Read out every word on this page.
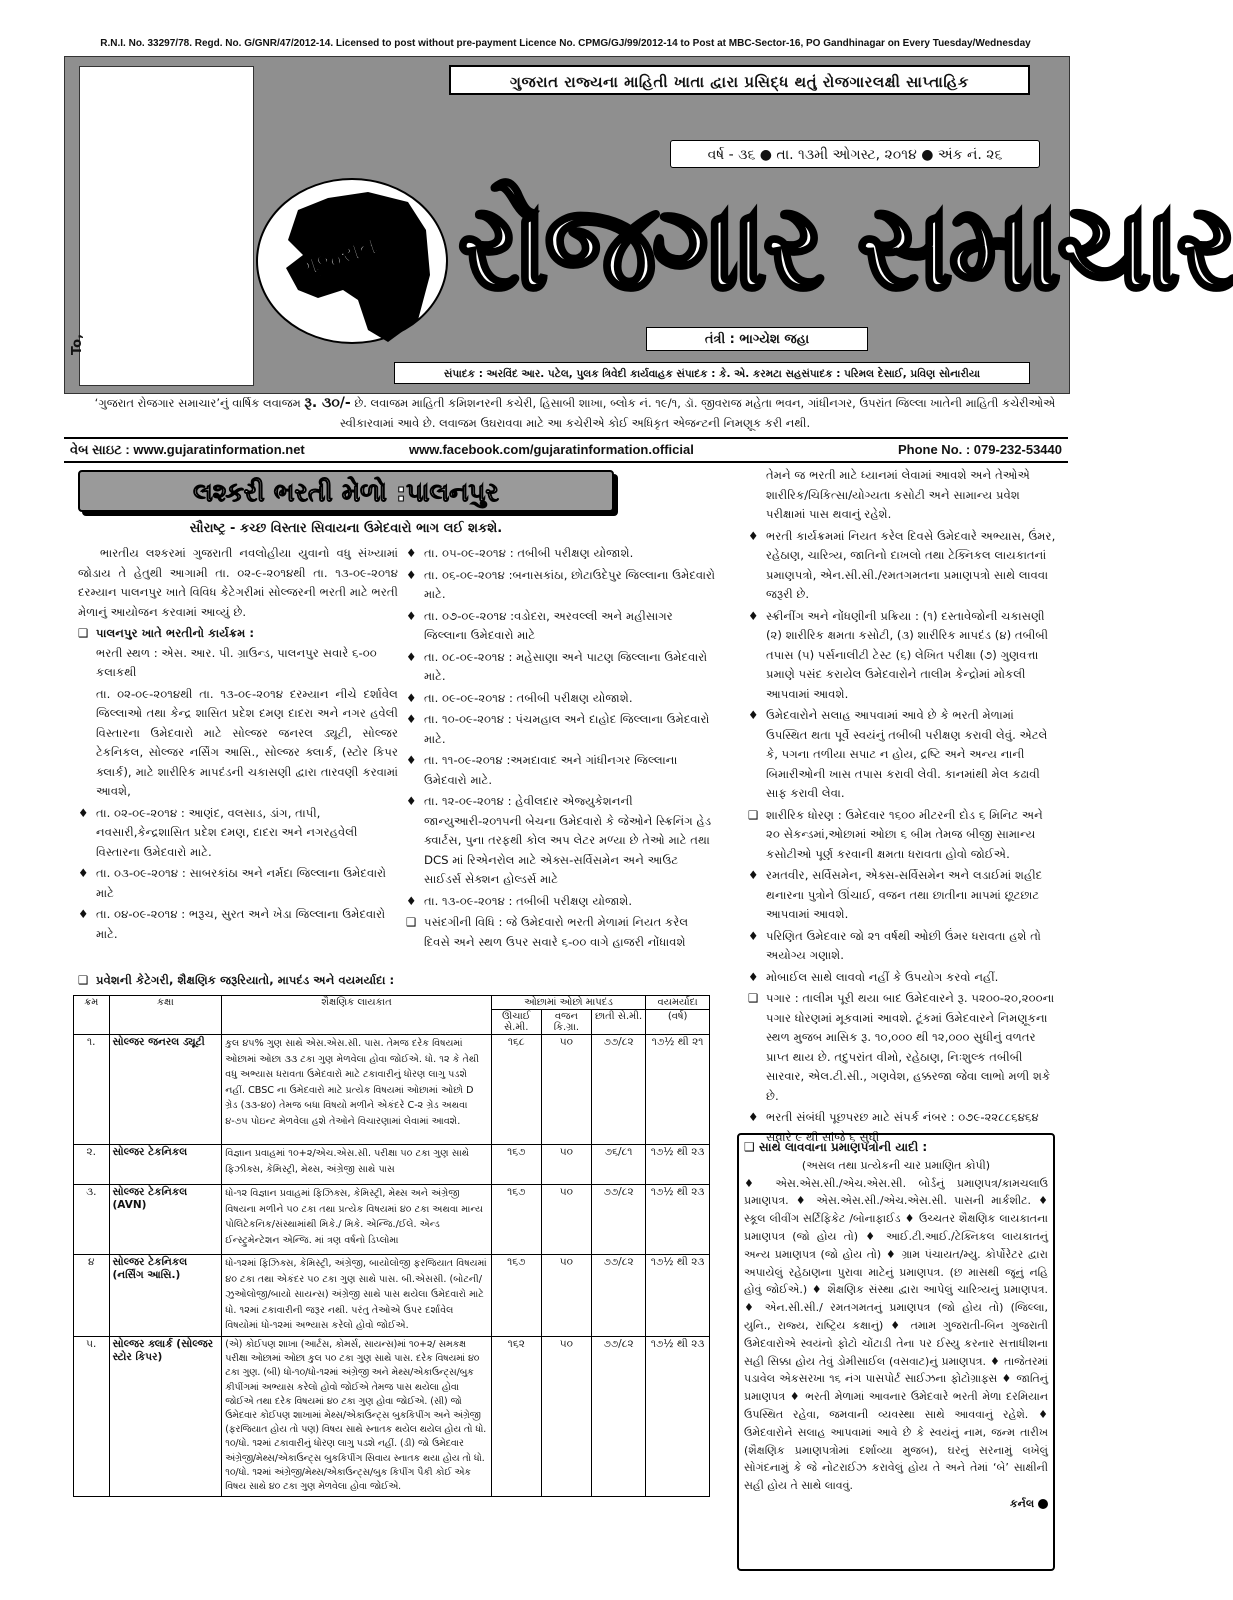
R.N.I. No. 33297/78. Regd. No. G/GNR/47/2012-14. Licensed to post without pre-payment Licence No. CPMG/GJ/99/2012-14 to Post at MBC-Sector-16, PO Gandhinagar on Every Tuesday/Wednesday
To,
ગુજરાત રાજ્યના માહિતી ખાતા દ્વારા પ્રસિદ્ધ થતું રોજગારલક્ષી સાપ્તાહિક
વર્ષ - ૩૬ ● તા. ૧૩મી ઓગસ્ટ, ૨૦૧૪ ● અંક નં. ૨૬
ગુજરાત રોજગાર સમાચાર
તંત્રી : ભાગ્યેશ જહા
સંપાદક : અરવિંદ આર. પટેલ, પુલક ત્રિવેદી કાર્યવાહક સંપાદક : કે. એ. કરમટા સહસંપાદક : પરિમલ દેસાઈ, પ્રવિણ સોનારીયા
‘ગુજરાત રોજગાર સમાચાર’નું વાર્ષિક લવાજમ રૂ. ૩૦/- છે. લવાજમ માહિતી કમિશનરની કચેરી, હિસાબી શાખા, બ્લોક નં. ૧૯/૧, ડૉ. જીવરાજ મહેતા ભવન, ગાંધીનગર, ઉપરાંત જિલ્લા ખાતેની માહિતી કચેરીઓએ સ્વીકારવામાં આવે છે. લવાજમ ઉઘરાવવા માટે આ કચેરીએ કોઈ અધિકૃત એજન્ટની નિમણૂક કરી નથી.
વેબ સાઇટ : www.gujaratinformation.net	www.facebook.com/gujaratinformation.official	Phone No. : 079-232-53440
લશ્કરી ભરતી મેળો :પાલનપુર
સૌરાષ્ટ્ર - કચ્છ વિસ્તાર સિવાયના ઉમેદવારો ભાગ લઈ શકશે.

ભારતીય લશ્કરમાં ગુજરાતી નવલોહીયા યુવાનો વધુ સંખ્યામાં જોડાય તે હેતુથી આગામી તા. ૦૨-૯-૨૦૧૪થી તા. ૧૩-૦૯-૨૦૧૪ દરમ્યાન પાલનપુર ખાતે વિવિધ કેટેગરીમાં સોલ્જરની ભરતી માટે ભરતી મેળાનું આયોજન કરવામાં આવ્યું છે.

❑ પાલનપુર ખાતે ભરતીનો કાર્યક્રમ :

ભરતી સ્થળ : એસ. આર. પી. ગ્રાઉન્ડ, પાલનપુર સવારે ૬-૦૦ કલાકથી

તા. ૦૨-૦૯-૨૦૧૪થી તા. ૧૩-૦૯-૨૦૧૪ દરમ્યાન નીચે દર્શાવેલ જિલ્લાઓ તથા કેન્દ્ર શાસિત પ્રદેશ દમણ દાદરા અને નગર હવેલી વિસ્તારના ઉમેદવારો માટે સોલ્જર જનરલ ડ્યૂટી, સોલ્જર ટેકનિકલ, સોલ્જર નર્સિંગ આસિ., સોલ્જર ક્લાર્ક, (સ્ટોર કિપર ક્લાર્ક), માટે શારીરિક માપદંડની ચકાસણી દ્વારા તારવણી કરવામાં આવશે,

♦ તા. ૦૨-૦૯-૨૦૧૪ : આણંદ, વલસાડ, ડાંગ, તાપી, નવસારી,કેન્દ્રશાસિત પ્રદેશ દમણ, દાદરા અને નગરહવેલી વિસ્તારના ઉમેદવારો માટે.
♦ તા. ૦૩-૦૯-૨૦૧૪ : સાબરકાંઠા અને નર્મદા જિલ્લાના ઉમેદવારો માટે
♦ તા. ૦૪-૦૯-૨૦૧૪ : ભરૂચ, સુરત અને ખેડા જિલ્લાના ઉમેદવારો માટે.
♦ તા. ૦૫-૦૯-૨૦૧૪ : તબીબી પરીક્ષણ યોજાશે.
♦ તા. ૦૬-૦૯-૨૦૧૪ :બનાસકાંઠા, છોટાઉદેપુર જિલ્લાના ઉમેદવારો માટે.
♦ તા. ૦૭-૦૯-૨૦૧૪ :વડોદરા, અરવલ્લી અને મહીસાગર જિલ્લાના ઉમેદવારો માટે
♦ તા. ૦૮-૦૯-૨૦૧૪ : મહેસાણા અને પાટણ જિલ્લાના ઉમેદવારો માટે.
♦ તા. ૦૯-૦૯-૨૦૧૪ : તબીબી પરીક્ષણ યોજાશે.
♦ તા. ૧૦-૦૯-૨૦૧૪ : પંચમહાલ અને દાહોદ જિલ્લાના ઉમેદવારો માટે.
♦ તા. ૧૧-૦૯-૨૦૧૪ :અમદાવાદ અને ગાંધીનગર જિલ્લાના ઉમેદવારો માટે.
♦ તા. ૧૨-૦૯-૨૦૧૪ : હેવીલદાર એજ્યુકેશનની જાન્યુઆરી-૨૦૧૫ની બેચના ઉમેદવારો કે જેઓને સ્ક્રિનિંગ હેડ ક્વાર્ટસ, પુના તરફથી કોલ અપ લેટર મળ્યા છે તેઓ માટે તથા DCS માં રિએનરોલ માટે એક્સ-સર્વિસમેન અને આઉટ સાઈડર્સ સેક્શન હોલ્ડર્સ માટે
♦ તા. ૧૩-૦૯-૨૦૧૪ : તબીબી પરીક્ષણ યોજાશે.
❑ પસંદગીની વિધિ : જે ઉમેદવારો ભરતી મેળામાં નિયત કરેલ દિવસે અને સ્થળ ઉપર સવારે ૬-૦૦ વાગે હાજરી નોંધાવશે
❑ પ્રવેશની કેટેગરી, શૈક્ષણિક જરૂરિયાતો, માપદંડ અને વયમર્યાદા :
ક્રમ	કક્ષા	શૈક્ષણિક લાયકાત	ઓછામાં ઓછો માપદંડ			વયમર્યાદા
			ઊંચાઈ સે.મી.	વજન કિ.ગ્રા.	છાતી સે.મી.	(વર્ષ)
૧.	સોલ્જર જનરલ ડ્યૂટી	કુલ ૪૫% ગુણ સાથે એસ.એસ.સી. પાસ. તેમજ દરેક વિષયમાં ઓછામાં ઓછા ૩૩ ટકા ગુણ મેળવેલા હોવા જોઈએ. ધો. ૧૨ કે તેથી વધુ અભ્યાસ ધરાવતા ઉમેદવારો માટે ટકાવારીનું ધોરણ લાગુ પડશે નહીં. CBSC ના ઉમેદવારો માટે પ્રત્યેક વિષયમાં ઓછામાં ઓછો D ગ્રેડ (૩૩-૪૦) તેમજ બધા વિષયો મળીને એકંદરે C-૨ ગ્રેડ અથવા ૪-૭૫ પોઇન્ટ મેળવેલા હશે તેઓને વિચારણામાં લેવામાં આવશે.	૧૬૮	૫૦	૭૭/૮૨	૧૭½ થી ૨૧
૨.	સોલ્જર ટેકનિકલ	વિજ્ઞાન પ્રવાહમાં ૧૦+૨/એચ.એસ.સી. પરીક્ષા ૫૦ ટકા ગુણ સાથે ફિઝીક્સ, કેમિસ્ટ્રી, મેથ્સ, અંગ્રેજી સાથે પાસ	૧૬૭	૫૦	૭૬/૮૧	૧૭½ થી ૨૩
૩.	સોલ્જર ટેકનિકલ (AVN)	ધો-૧૨ વિજ્ઞાન પ્રવાહમાં ફિઝિક્સ, કેમિસ્ટ્રી, મેથ્સ અને અંગ્રેજી વિષયના મળીને ૫૦ ટકા તથા પ્રત્યેક વિષયમાં ૪૦ ટકા અથવા માન્ય પોલિટેકનિક/સંસ્થામાંથી મિકે./ મિકે. એન્જિ./ઈલે. એન્ડ ઈન્સ્ટ્રુમેન્ટેશન એન્જિ. માં ત્રણ વર્ષનો ડિપ્લોમા	૧૬૭	૫૦	૭૭/૮૨	૧૭½ થી ૨૩
૪	સોલ્જર ટેકનિકલ (નર્સિંગ આસિ.)	ધો-૧૨માં ફિઝિક્સ, કેમિસ્ટ્રી, અંગ્રેજી, બાયોલોજી ફરજિયાત વિષયમાં ૪૦ ટકા તથા એકંદર ૫૦ ટકા ગુણ સાથે પાસ. બી.એસસી. (બોટની/ઝુઓલોજી/બાયો સાયન્સ) અંગ્રેજી સાથે પાસ થયેલા ઉમેદવારો માટે ધો. ૧૨માં ટકાવારીની જરૂર નથી. પરંતુ તેઓએ ઉપર દર્શાવેલ વિષયોમાં ધો-૧૨માં અભ્યાસ કરેલો હોવો જોઈએ.	૧૬૭	૫૦	૭૭/૮૨	૧૭½ થી ૨૩
૫.	સોલ્જર ક્લાર્ક (સોલ્જર સ્ટોર કિપર)	(એ) કોઈપણ શાખા (આર્ટસ, કોમર્સ, સાયન્સ)માં ૧૦+૨/ સમકક્ષ પરીક્ષા ઓછામાં ઓછા કુલ ૫૦ ટકા ગુણ સાથે પાસ. દરેક વિષયમાં ૪૦ ટકા ગુણ. (બી) ધો-૧૦/ધો-૧૨માં અંગ્રેજી અને મેથ્સ/એકાઉન્ટ્સ/બુક કીપીંગમાં અભ્યાસ કરેલો હોવો જોઈએ તેમજ પાસ થયેલા હોવા જોઈએ તથા દરેક વિષયમાં ૪૦ ટકા ગુણ હોવા જોઈએ. (સી) જો ઉમેદવાર કોઈપણ શાખામાં મેથ્સ/એકાઉન્ટ્સ બુકકિપીંગ અને અંગ્રેજી (ફરજિયાત હોય તો પણ) વિષય સાથે સ્નાતક થયેલ થયેલ હોય તો ધો. ૧૦/ધો. ૧૨માં ટકાવારીનું ધોરણ લાગુ પડશે નહીં. (ડી) જો ઉમેદવાર અંગ્રેજી/મેથ્સ/એકાઉન્ટ્સ બુકકિપીંગ સિવાય સ્નાતક થયા હોય તો ધો. ૧૦/ધો. ૧૨માં અંગ્રેજી/મેથ્સ/એકાઉન્ટ્સ/બુક કિપીંગ પૈકી કોઈ એક વિષય સાથે ૪૦ ટકા ગુણ મેળવેલા હોવા જોઈએ.	૧૬૨	૫૦	૭૭/૮૨	૧૭½ થી ૨૩

તેમને જ ભરતી માટે ધ્યાનમાં લેવામાં આવશે અને તેઓએ શારીરિક/ચિકિત્સા/યોગ્યતા કસોટી અને સામાન્ય પ્રવેશ પરીક્ષામાં પાસ થવાનું રહેશે.

♦ ભરતી કાર્યક્રમમાં નિયત કરેલ દિવસે ઉમેદવારે અભ્યાસ, ઉંમર, રહેઠાણ, ચારિત્ર્ય, જાતિનો દાખલો તથા ટેક્નિકલ લાયકાતનાં પ્રમાણપત્રો, એન.સી.સી./રમતગમતના પ્રમાણપત્રો સાથે લાવવા જરૂરી છે.
♦ સ્ક્રીનીંગ અને નોંધણીની પ્રક્રિયા : (૧) દસ્તાવેજોની ચકાસણી (૨) શારીરિક ક્ષમતા કસોટી, (૩) શારીરિક માપદંડ (૪) તબીબી તપાસ (૫) પર્સનાલીટી ટેસ્ટ (૬) લેખિત પરીક્ષા (૭) ગુણવત્તા પ્રમાણે પસંદ કરાયેલ ઉમેદવારોને તાલીમ કેન્દ્રોમાં મોકલી આપવામાં આવશે.
♦ ઉમેદવારોને સલાહ આપવામાં આવે છે કે ભરતી મેળામાં ઉપસ્થિત થતા પૂર્વે સ્વયંનું તબીબી પરીક્ષણ કરાવી લેવું. એટલે કે, પગના તળીયા સપાટ ન હોય, દ્રષ્ટિ અને અન્ય નાની બિમારીઓની ખાસ તપાસ કરાવી લેવી. કાનમાંથી મેલ કઢાવી સાફ કરાવી લેવા.
❑ શારીરિક ધોરણ : ઉમેદવાર ૧૬૦૦ મીટરની દોડ ૬ મિનિટ અને ૨૦ સેકન્ડમાં,ઓછામાં ઓછા ૬ બીમ તેમજ બીજી સામાન્ય કસોટીઓ પૂર્ણ કરવાની ક્ષમતા ધરાવતા હોવો જોઈએ.
♦ રમતવીર, સર્વિસમેન, એક્સ-સર્વિસમેન અને લડાઈમાં શહીદ થનારના પુત્રોને ઊંચાઈ, વજન તથા છાતીના માપમાં છૂટછાટ આપવામાં આવશે.
♦ પરિણિત ઉમેદવાર જો ૨૧ વર્ષથી ઓછી ઉંમર ધરાવતા હશે તો અયોગ્ય ગણાશે.
♦ મોબાઈલ સાથે લાવવો નહીં કે ઉપયોગ કરવો નહીં.
❑ પગાર : તાલીમ પૂરી થયા બાદ ઉમેદવારને રૂ. ૫૨૦૦-૨૦,૨૦૦ના પગાર ધોરણમાં મૂકવામાં આવશે. ટૂંકમાં ઉમેદવારને નિમણૂકના સ્થળ મુજબ માસિક રૂ. ૧૦,૦૦૦ થી ૧૨,૦૦૦ સુધીનું વળતર પ્રાપ્ત થાય છે. તદુપરાંત વીમો, રહેઠાણ, નિઃશુલ્ક તબીબી સારવાર, એલ.ટી.સી., ગણવેશ, હક્કરજા જેવા લાભો મળી શકે છે.
♦ ભરતી સંબંધી પૂછપરછ માટે સંપર્ક નંબર : ૦૭૯-૨૨૮૮૬૪૬૪ સવારે ૯ થી સાંજે ૬ સુધી
❑ સાથે લાવવાના પ્રમાણપત્રોની યાદી :
(અસલ તથા પ્રત્યેકની ચાર પ્રમાણિત કોપી)
♦ એસ.એસ.સી./એચ.એસ.સી. બોર્ડનું પ્રમાણપત્ર/કામચલાઉ પ્રમાણપત્ર. ♦ એસ.એસ.સી./એચ.એસ.સી. પાસની માર્કશીટ. ♦ સ્કૂલ લીવીંગ સર્ટિફિકેટ /બોનાફાઈડ ♦ ઉચ્ચતર શૈક્ષણિક લાયકાતના પ્રમાણપત્ર (જો હોય તો) ♦ આઈ.ટી.આઈ./ટેક્નિકલ લાયકાતનું અન્ય પ્રમાણપત્ર (જો હોય તો) ♦ ગ્રામ પંચાયત/મ્યુ. કોર્પોરેટર દ્વારા અપાયેલું રહેઠાણના પુરાવા માટેનું પ્રમાણપત્ર. (છ માસથી જૂનું નહિ હોવું જોઈએ.) ♦ શૈક્ષણિક સંસ્થા દ્વારા આપેલું ચારિત્ર્યનું પ્રમાણપત્ર. ♦ એન.સી.સી./ રમતગમતનું પ્રમાણપત્ર (જો હોય તો) (જિલ્લા, યુનિ., રાજ્ય, રાષ્ટ્રિય કક્ષાનું) ♦ તમામ ગુજરાતી-બિન ગુજરાતી ઉમેદવારોએ સ્વયંનો ફોટો ચોંટાડી તેના પર ઈસ્યુ કરનાર સત્તાધીશના સહી સિક્કા હોય તેવું ડોમીસાઈલ (વસવાટ)નું પ્રમાણપત્ર. ♦ તાજેતરમાં પડાવેલ એકસરખા ૧૬ નંગ પાસપોર્ટ સાઈઝના ફોટોગ્રાફ્સ ♦ જાતિનું પ્રમાણપત્ર ♦ ભરતી મેળામાં આવનાર ઉમેદવારે ભરતી મેળા દરમિયાન ઉપસ્થિત રહેવા, જમવાની વ્યવસ્થા સાથે આવવાનું રહેશે. ♦ ઉમેદવારોને સલાહ આપવામાં આવે છે કે સ્વયંનું નામ, જન્મ તારીખ (શૈક્ષણિક પ્રમાણપત્રોમાં દર્શાવ્યા મુજબ), ઘરનું સરનામું લખેલું સોગંદનામું કે જે નોટરાઈઝ કરાવેલું હોય તે અને તેમાં ‘બે’ સાક્ષીની સહી હોય તે સાથે લાવવું.
કર્નલ
